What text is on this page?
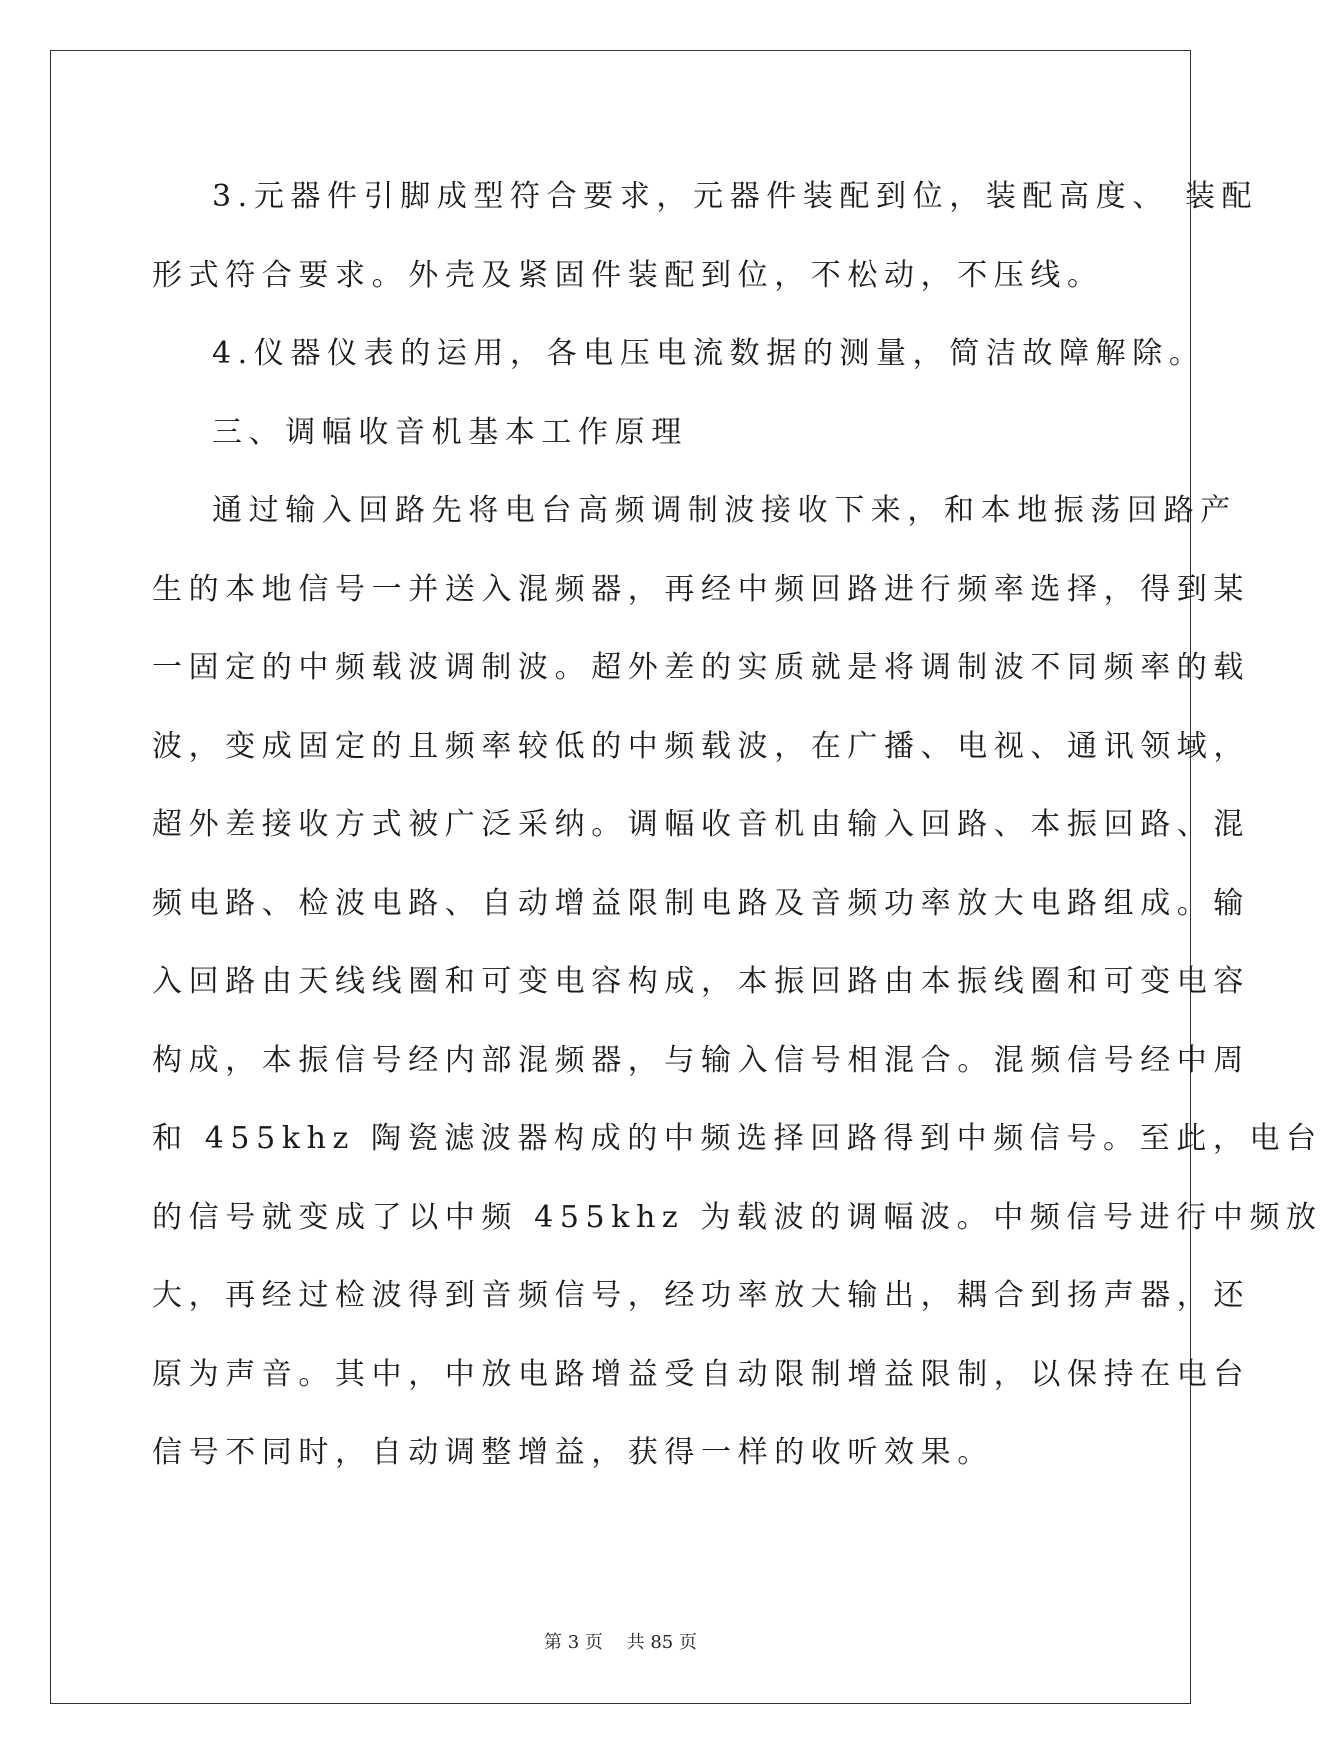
3.元器件引脚成型符合要求，元器件装配到位，装配高度、 装配
形式符合要求。外壳及紧固件装配到位，不松动，不压线。
4.仪器仪表的运用，各电压电流数据的测量，简洁故障解除。
三、调幅收音机基本工作原理
通过输入回路先将电台高频调制波接收下来，和本地振荡回路产
生的本地信号一并送入混频器，再经中频回路进行频率选择，得到某
一固定的中频载波调制波。超外差的实质就是将调制波不同频率的载
波，变成固定的且频率较低的中频载波，在广播、电视、通讯领域，
超外差接收方式被广泛采纳。调幅收音机由输入回路、本振回路、混
频电路、检波电路、自动增益限制电路及音频功率放大电路组成。输
入回路由天线线圈和可变电容构成，本振回路由本振线圈和可变电容
构成，本振信号经内部混频器，与输入信号相混合。混频信号经中周
和 455khz 陶瓷滤波器构成的中频选择回路得到中频信号。至此，电台
的信号就变成了以中频 455khz 为载波的调幅波。中频信号进行中频放
大，再经过检波得到音频信号，经功率放大输出，耦合到扬声器，还
原为声音。其中，中放电路增益受自动限制增益限制，以保持在电台
信号不同时，自动调整增益，获得一样的收听效果。
第 3 页　 共 85 页
